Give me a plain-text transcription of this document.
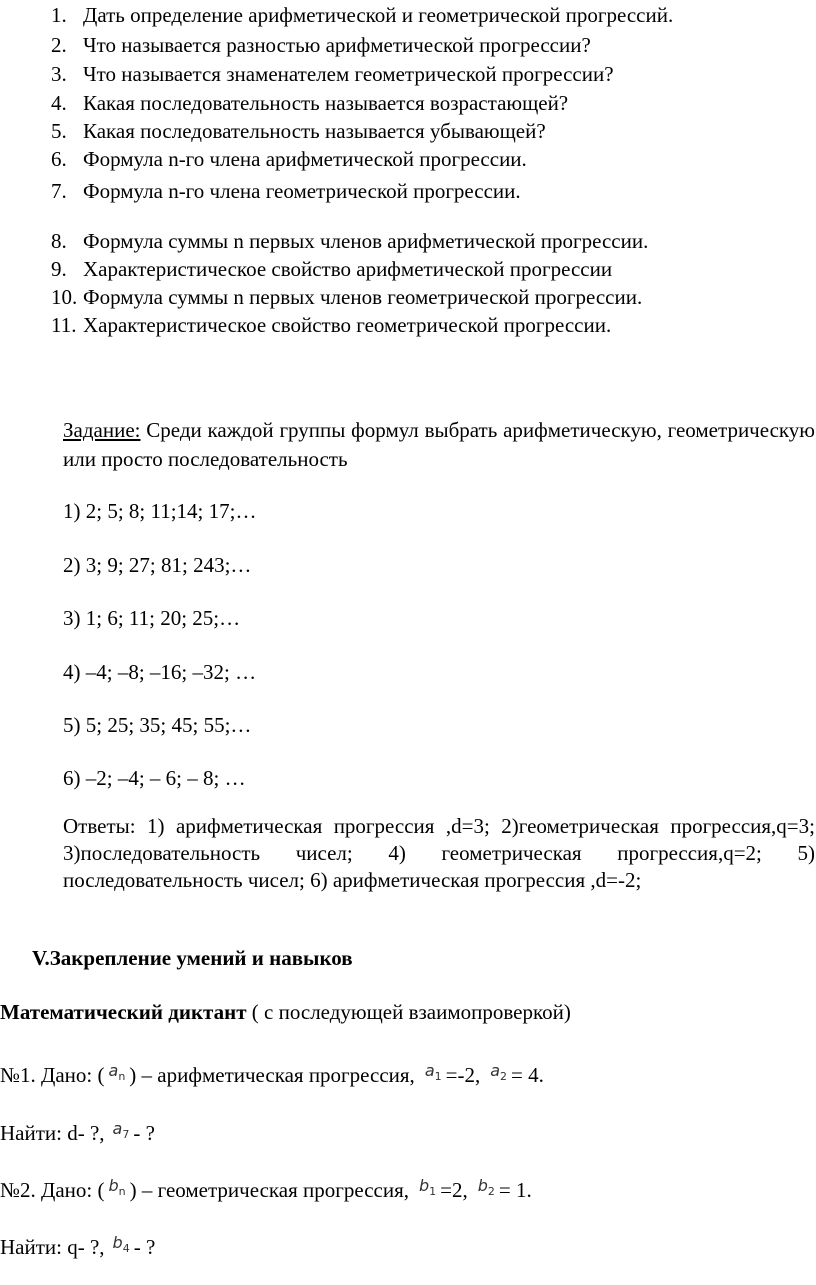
1. Дать определение арифметической и геометрической прогрессий.
2. Что называется разностью арифметической прогрессии?
3. Что называется знаменателем геометрической прогрессии?
4. Какая последовательность называется возрастающей?
5. Какая последовательность называется убывающей?
6. Формула n-го члена арифметической прогрессии.
7. Формула n-го члена геометрической прогрессии.
8. Формула суммы n первых членов арифметической прогрессии.
9. Характеристическое свойство арифметической прогрессии
10. Формула суммы n первых членов геометрической прогрессии.
11. Характеристическое свойство геометрической прогрессии.
Задание: Среди каждой группы формул выбрать арифметическую, геометрическую или просто последовательность
1) 2; 5; 8; 11;14; 17;…
2) 3; 9; 27; 81; 243;…
3) 1; 6; 11; 20; 25;…
4) –4; –8; –16; –32; …
5) 5; 25; 35; 45; 55;…
6) –2; –4; – 6; – 8; …
Ответы: 1) арифметическая прогрессия ,d=3; 2)геометрическая прогрессия,q=3; 3)последовательность чисел; 4) геометрическая прогрессия,q=2; 5) последовательность чисел; 6) арифметическая прогрессия ,d=-2;
V.Закрепление умений и навыков
Математический диктант ( с последующей взаимопроверкой)
№1. Дано: ( $a_n$ ) – арифметическая прогрессия, $a_1 =-2$, $a_2 = 4$.
Найти: d- ?, $a_7$ - ?
№2. Дано: ( $b_n$ ) – геометрическая прогрессия, $b_1 =2$, $b_2 = 1$.
Найти: q- ?, $b_4$ - ?
